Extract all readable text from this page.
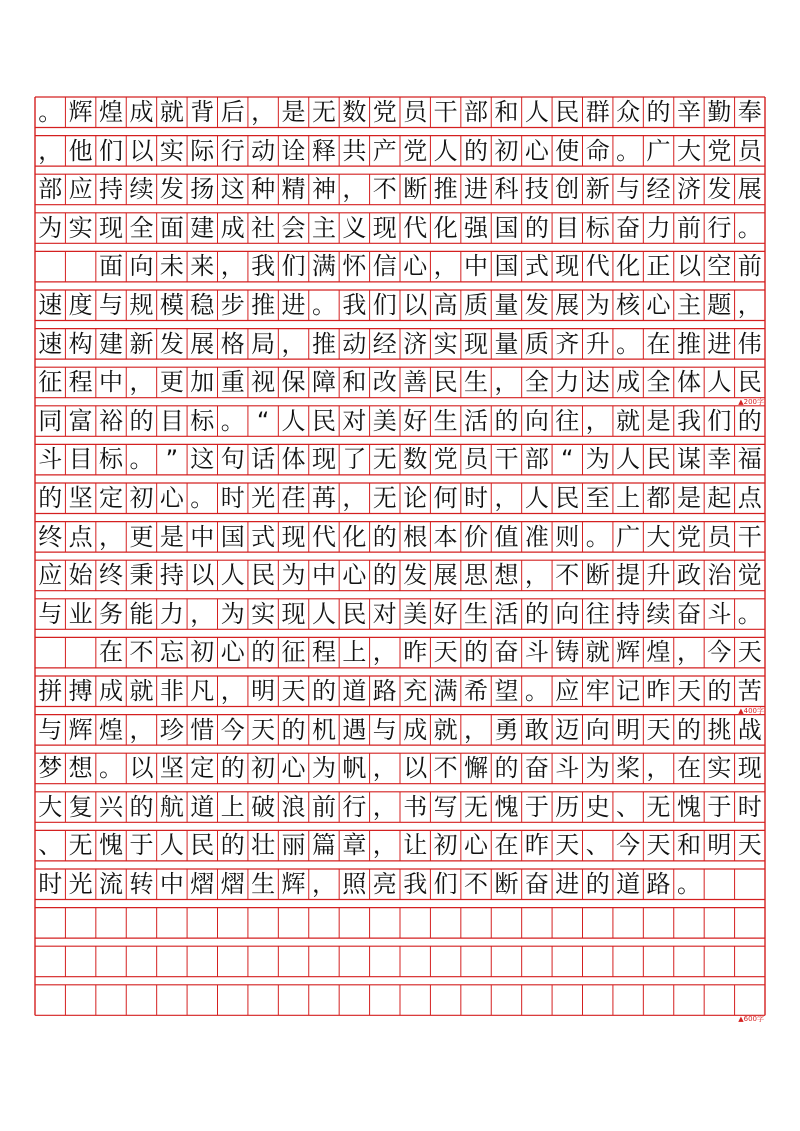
。 辉 煌 成 就 背 后 ， 是 无 数 党 员 干 部 和 人 民 群 众 的 辛 勤 奉
， 他 们 以 实 际 行 动 诠 释 共 产 党 人 的 初 心 使 命 。 广 大 党 员
部 应 持 续 发 扬 这 种 精 神 ， 不 断 推 进 科 技 创 新 与 经 济 发 展
为 实 现 全 面 建 成 社 会 主 义 现 代 化 强 国 的 目 标 奋 力 前 行 。
面 向 未 来 ， 我 们 满 怀 信 心 ， 中 国 式 现 代 化 正 以 空 前
速 度 与 规 模 稳 步 推 进 。 我 们 以 高 质 量 发 展 为 核 心 主 题 ，
速 构 建 新 发 展 格 局 ， 推 动 经 济 实 现 量 质 齐 升 。 在 推 进 伟
征 程 中 ， 更 加 重 视 保 障 和 改 善 民 生 ， 全 力 达 成 全 体 人 民
同 富 裕 的 目 标 。 “ 人 民 对 美 好 生 活 的 向 往 ， 就 是 我 们 的
斗 目 标 。 ” 这 句 话 体 现 了 无 数 党 员 干 部 “ 为 人 民 谋 幸 福
的 坚 定 初 心 。 时 光 荏 苒 ， 无 论 何 时 ， 人 民 至 上 都 是 起 点
终 点 ， 更 是 中 国 式 现 代 化 的 根 本 价 值 准 则 。 广 大 党 员 干
应 始 终 秉 持 以 人 民 为 中 心 的 发 展 思 想 ， 不 断 提 升 政 治 觉
与 业 务 能 力 ， 为 实 现 人 民 对 美 好 生 活 的 向 往 持 续 奋 斗 。
在 不 忘 初 心 的 征 程 上 ， 昨 天 的 奋 斗 铸 就 辉 煌 ， 今 天
拼 搏 成 就 非 凡 ， 明 天 的 道 路 充 满 希 望 。 应 牢 记 昨 天 的 苦
与 辉 煌 ， 珍 惜 今 天 的 机 遇 与 成 就 ， 勇 敢 迈 向 明 天 的 挑 战
梦 想 。 以 坚 定 的 初 心 为 帆 ， 以 不 懈 的 奋 斗 为 桨 ， 在 实 现
大 复 兴 的 航 道 上 破 浪 前 行 ， 书 写 无 愧 于 历 史 、 无 愧 于 时
、 无 愧 于 人 民 的 壮 丽 篇 章 ， 让 初 心 在 昨 天 、 今 天 和 明 天
时 光 流 转 中 熠 熠 生 辉 ， 照 亮 我 们 不 断 奋 进 的 道 路 。
▲200字
▲400字
▲600字
